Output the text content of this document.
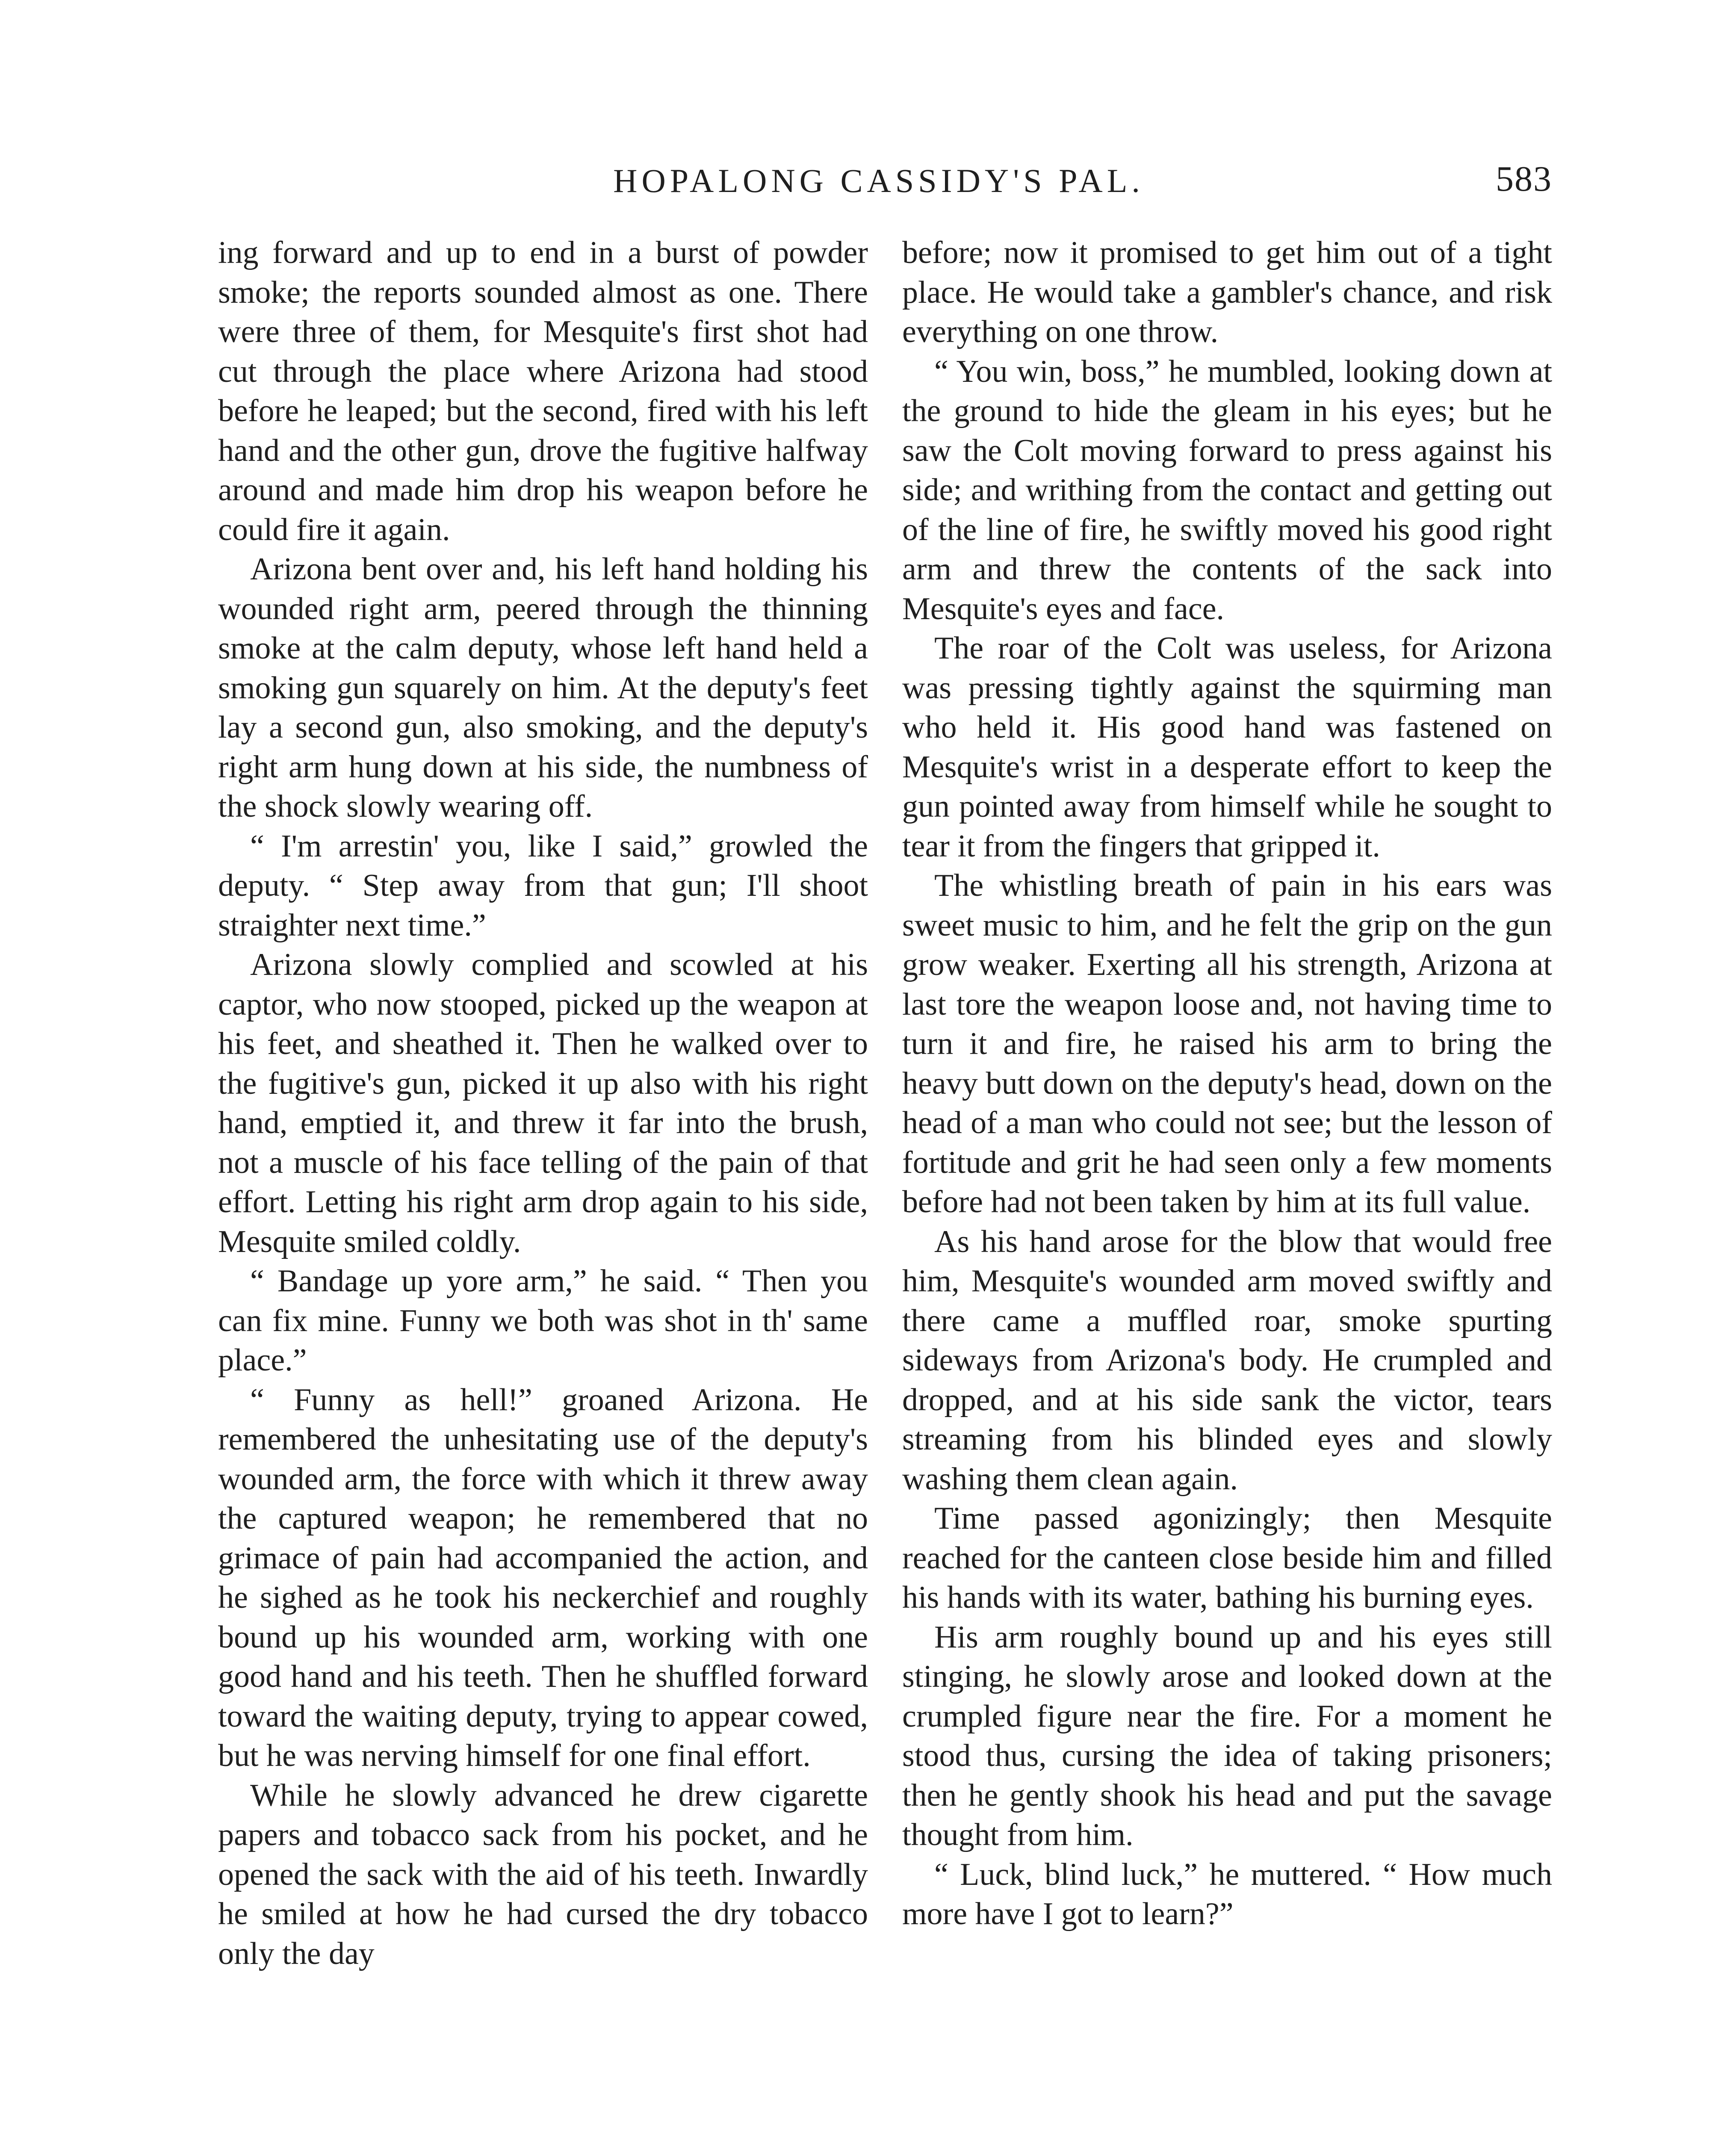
HOPALONG CASSIDY'S PAL.	583

ing forward and up to end in a burst of powder smoke; the reports sounded almost as one. There were three of them, for Mesquite's first shot had cut through the place where Arizona had stood before he leaped; but the second, fired with his left hand and the other gun, drove the fugitive halfway around and made him drop his weapon before he could fire it again.

Arizona bent over and, his left hand holding his wounded right arm, peered through the thinning smoke at the calm deputy, whose left hand held a smoking gun squarely on him. At the deputy's feet lay a second gun, also smoking, and the deputy's right arm hung down at his side, the numbness of the shock slowly wearing off.

“ I'm arrestin' you, like I said,” growled the deputy. “ Step away from that gun; I'll shoot straighter next time.”

Arizona slowly complied and scowled at his captor, who now stooped, picked up the weapon at his feet, and sheathed it. Then he walked over to the fugitive's gun, picked it up also with his right hand, emptied it, and threw it far into the brush, not a muscle of his face telling of the pain of that effort. Letting his right arm drop again to his side, Mesquite smiled coldly.

“ Bandage up yore arm,” he said. “ Then you can fix mine. Funny we both was shot in th' same place.”

“ Funny as hell!” groaned Arizona. He remembered the unhesitating use of the deputy's wounded arm, the force with which it threw away the captured weapon; he remembered that no grimace of pain had accompanied the action, and he sighed as he took his neckerchief and roughly bound up his wounded arm, working with one good hand and his teeth. Then he shuffled forward toward the waiting deputy, trying to appear cowed, but he was nerving himself for one final effort.

While he slowly advanced he drew cigarette papers and tobacco sack from his pocket, and he opened the sack with the aid of his teeth. Inwardly he smiled at how he had cursed the dry tobacco only the day

before; now it promised to get him out of a tight place. He would take a gambler's chance, and risk everything on one throw.

“ You win, boss,” he mumbled, looking down at the ground to hide the gleam in his eyes; but he saw the Colt moving forward to press against his side; and writhing from the contact and getting out of the line of fire, he swiftly moved his good right arm and threw the contents of the sack into Mesquite's eyes and face.

The roar of the Colt was useless, for Arizona was pressing tightly against the squirming man who held it. His good hand was fastened on Mesquite's wrist in a desperate effort to keep the gun pointed away from himself while he sought to tear it from the fingers that gripped it.

The whistling breath of pain in his ears was sweet music to him, and he felt the grip on the gun grow weaker. Exerting all his strength, Arizona at last tore the weapon loose and, not having time to turn it and fire, he raised his arm to bring the heavy butt down on the deputy's head, down on the head of a man who could not see; but the lesson of fortitude and grit he had seen only a few moments before had not been taken by him at its full value.

As his hand arose for the blow that would free him, Mesquite's wounded arm moved swiftly and there came a muffled roar, smoke spurting sideways from Arizona's body. He crumpled and dropped, and at his side sank the victor, tears streaming from his blinded eyes and slowly washing them clean again.

Time passed agonizingly; then Mesquite reached for the canteen close beside him and filled his hands with its water, bathing his burning eyes.

His arm roughly bound up and his eyes still stinging, he slowly arose and looked down at the crumpled figure near the fire. For a moment he stood thus, cursing the idea of taking prisoners; then he gently shook his head and put the savage thought from him.

“ Luck, blind luck,” he muttered. “ How much more have I got to learn?”
